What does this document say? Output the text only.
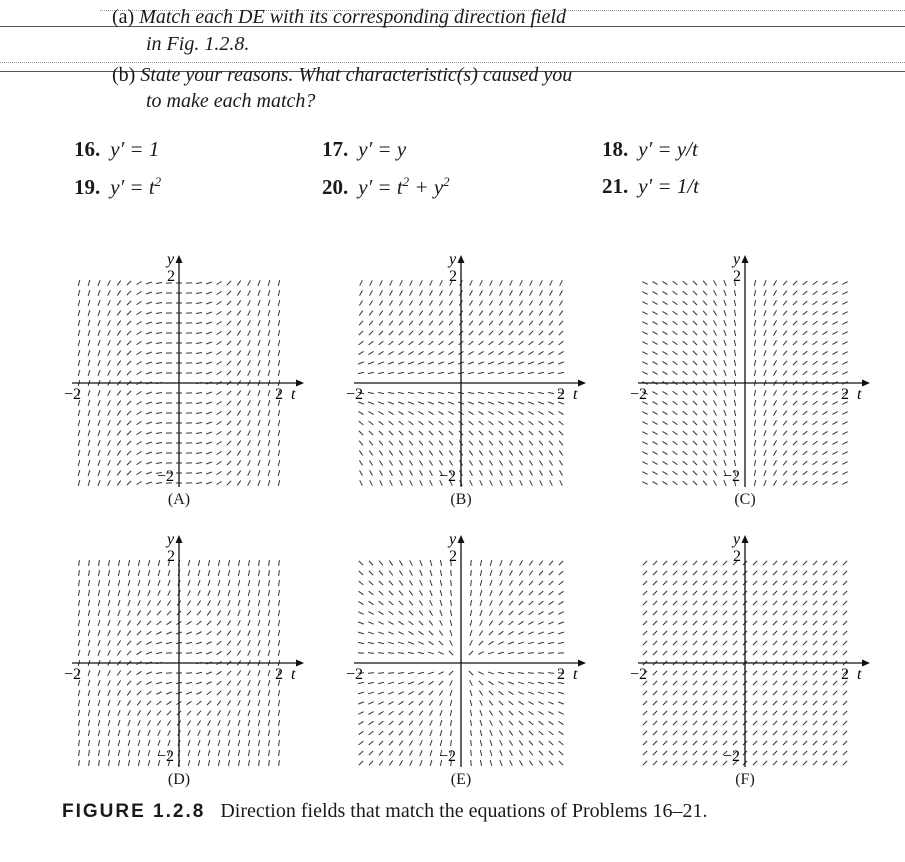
(a) Match each DE with its corresponding direction field
in Fig. 1.2.8.
(b) State your reasons. What characteristic(s) caused you
to make each match?
16. y′ = 1	17. y′ = y	18. y′ = y/t
19. $y' = t^2$	20. $y' = t^2 + y^2$	21. y′ = 1/t
y
2
−2
−2	2 t
(A)
y
2
−2
−2	2 t
(B)
y
2
−2
−2	2 t
(C)
y
2
−2
−2	2 t
(D)
y
2
−2
−2	2 t
(E)
y
2
−2
−2	2 t
(F)
FIGURE 1.2.8 Direction fields that match the equations of Problems 16–21.
